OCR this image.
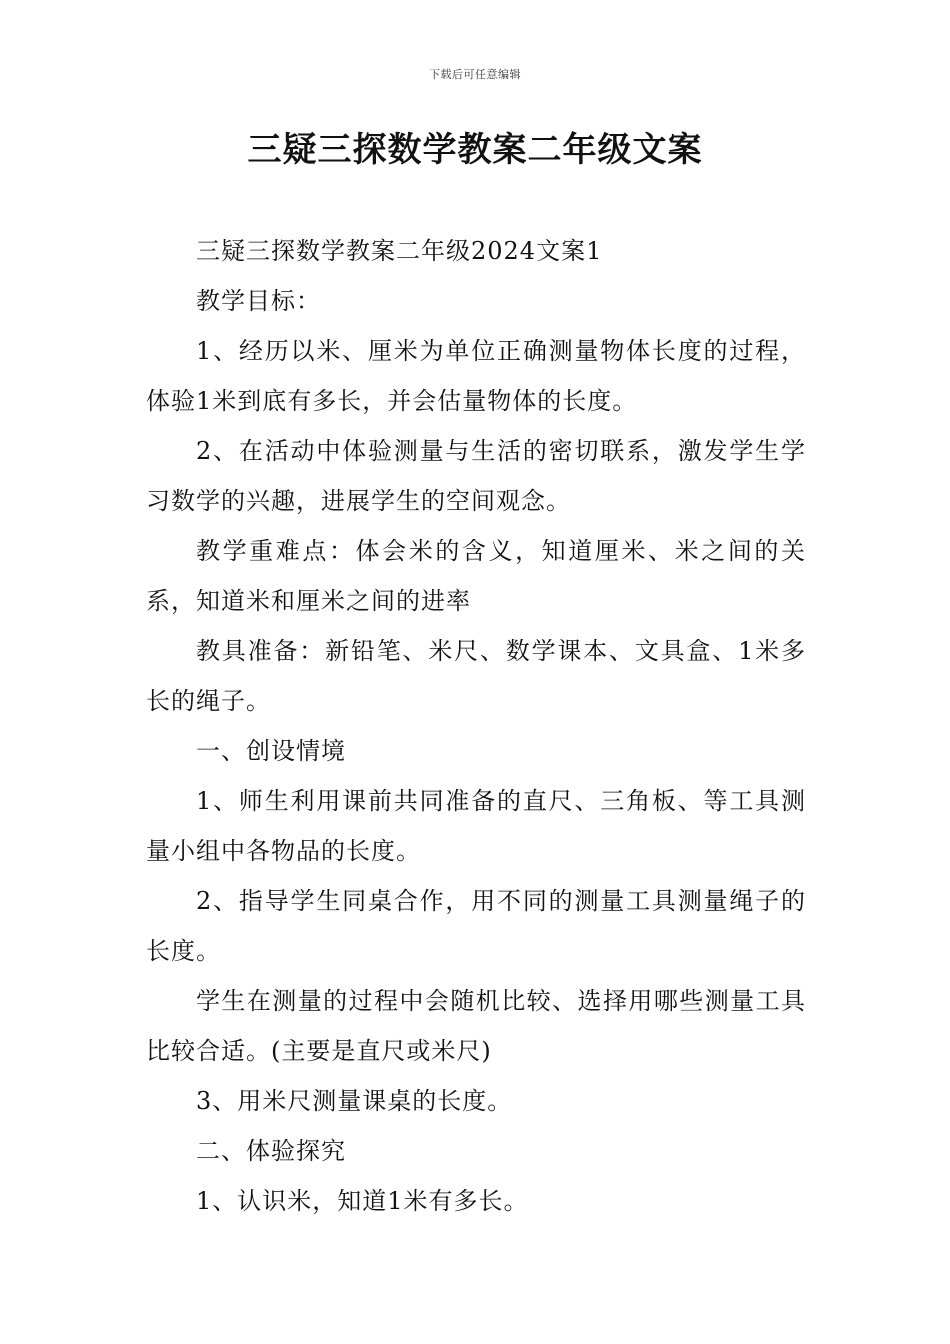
下载后可任意编辑
三疑三探数学教案二年级文案

三疑三探数学教案二年级2024文案1

教学目标：

1、经历以米、厘米为单位正确测量物体长度的过程，体验1米到底有多长，并会估量物体的长度。

2、在活动中体验测量与生活的密切联系，激发学生学习数学的兴趣，进展学生的空间观念。

教学重难点：体会米的含义，知道厘米、米之间的关系，知道米和厘米之间的进率

教具准备：新铅笔、米尺、数学课本、文具盒、1米多长的绳子。

一、创设情境

1、师生利用课前共同准备的直尺、三角板、等工具测量小组中各物品的长度。

2、指导学生同桌合作，用不同的测量工具测量绳子的长度。

学生在测量的过程中会随机比较、选择用哪些测量工具比较合适。(主要是直尺或米尺)

3、用米尺测量课桌的长度。

二、体验探究

1、认识米，知道1米有多长。
